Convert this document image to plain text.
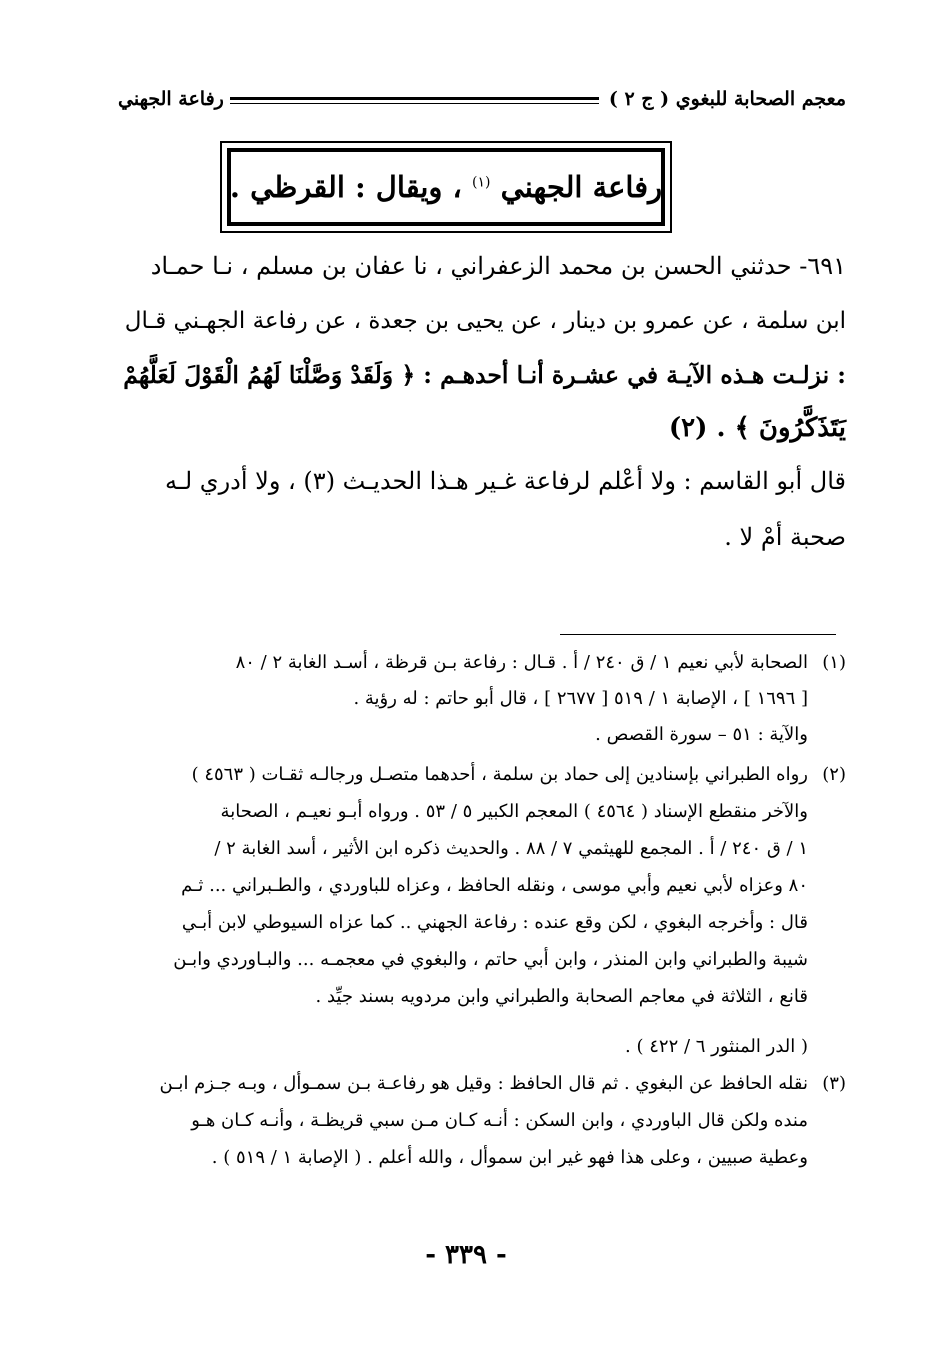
معجم الصحابة للبغوي ( ج ٢ )
رفاعة الجهني
رفاعة الجهني $^{(١)}$ ، ويقال : القرظي .
٦٩١- حدثني الحسن بن محمد الزعفراني ، نا عفان بن مسلم ، نـا حمـاد
ابن سلمة ، عن عمرو بن دينار ، عن يحيى بن جعدة ، عن رفاعة الجهـني قـال
: نزلـت هـذه الآيـة في عشـرة أنـا أحدهـم : ﴿ وَلَقَدْ وَصَّلْنَا لَهُمُ الْقَوْلَ لَعَلَّهُمْ
يَتَذَكَّرُونَ ﴾ . (٢)
قال أبو القاسم : ولا أعْلم لرفاعة غـير هـذا الحديـث (٣) ، ولا أدري لـه
صحبة أمْ لا .
(١)
الصحابة لأبي نعيم ١ / ق ٢٤٠ / أ . قـال : رفاعة بـن قرظة ، أسـد الغابة ٢ / ٨٠
[ ١٦٩٦ ] ، الإصابة ١ / ٥١٩ [ ٢٦٧٧ ] ، قال أبو حاتم : له رؤية .
والآية : ٥١ – سورة القصص .
(٢)
رواه الطبراني بإسنادين إلى حماد بن سلمة ، أحدهما متصـل ورجالـه ثقـات ( ٤٥٦٣ )
والآخر منقطع الإسناد ( ٤٥٦٤ ) المعجم الكبير ٥ / ٥٣ . ورواه أبـو نعيـم ، الصحابة
١ / ق ٢٤٠ / أ . المجمع للهيثمي ٧ / ٨٨ . والحديث ذكره ابن الأثير ، أسد الغابة ٢ /
٨٠ وعزاه لأبي نعيم وأبي موسى ، ونقله الحافظ ، وعزاه للباوردي ، والطـبراني ... ثـم
قال : وأخرجه البغوي ، لكن وقع عنده : رفاعة الجهني .. كما عزاه السيوطي لابن أبـي
شيبة والطبراني وابن المنذر ، وابن أبي حاتم ، والبغوي في معجمـه ... والبـاوردي وابـن
قانع ، الثلاثة في معاجم الصحابة والطبراني وابن مردويه بسند جيِّد .
( الدر المنثور ٦ / ٤٢٢ ) .
(٣)
نقله الحافظ عن البغوي . ثم قال الحافظ : وقيل هو رفاعـة بـن سمـوأل ، وبـه جـزم ابـن
منده ولكن قال الباوردي ، وابن السكن : أنـه كـان مـن سبي قريظـة ، وأنـه كـان هـو
وعطية صبيين ، وعلى هذا فهو غير ابن سموأل ، والله أعلم . ( الإصابة ١ / ٥١٩ ) .
- ٣٣٩ -
